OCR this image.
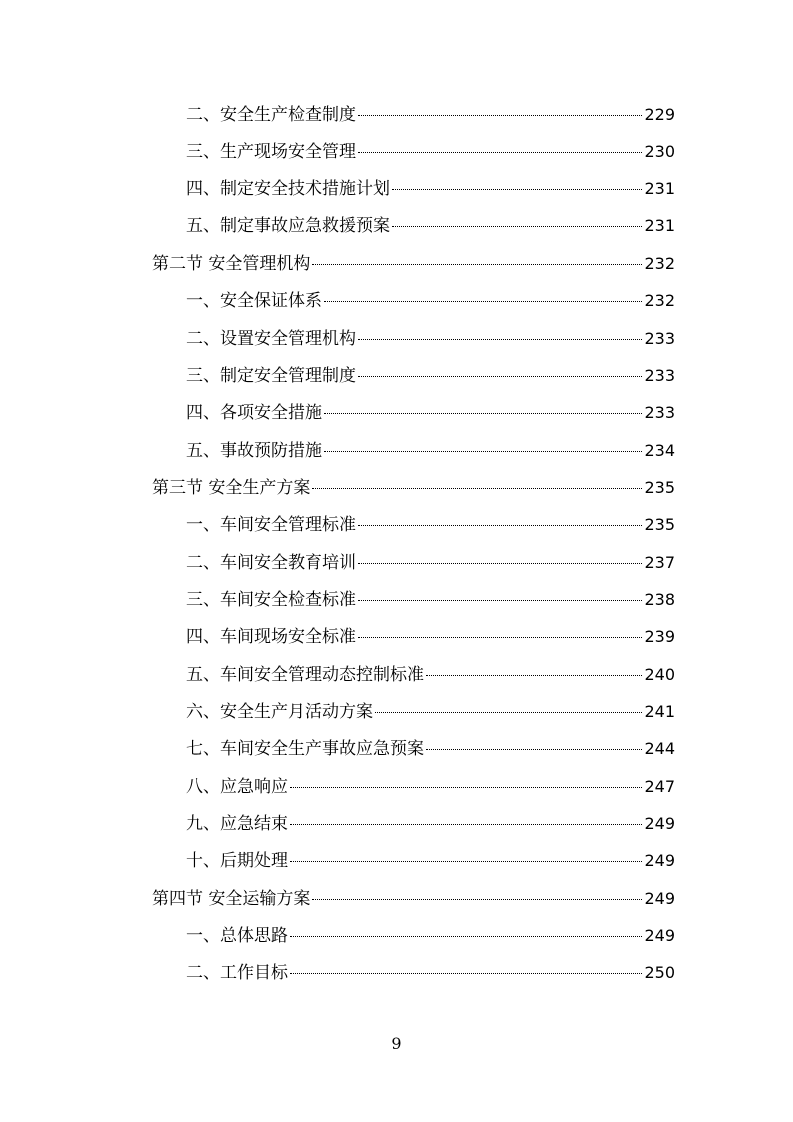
二、安全生产检查制度	229
三、生产现场安全管理	230
四、制定安全技术措施计划	231
五、制定事故应急救援预案	231
第二节 安全管理机构	232
一、安全保证体系	232
二、设置安全管理机构	233
三、制定安全管理制度	233
四、各项安全措施	233
五、事故预防措施	234
第三节 安全生产方案	235
一、车间安全管理标准	235
二、车间安全教育培训	237
三、车间安全检查标准	238
四、车间现场安全标准	239
五、车间安全管理动态控制标准	240
六、安全生产月活动方案	241
七、车间安全生产事故应急预案	244
八、应急响应	247
九、应急结束	249
十、后期处理	249
第四节 安全运输方案	249
一、总体思路	249
二、工作目标	250
9
